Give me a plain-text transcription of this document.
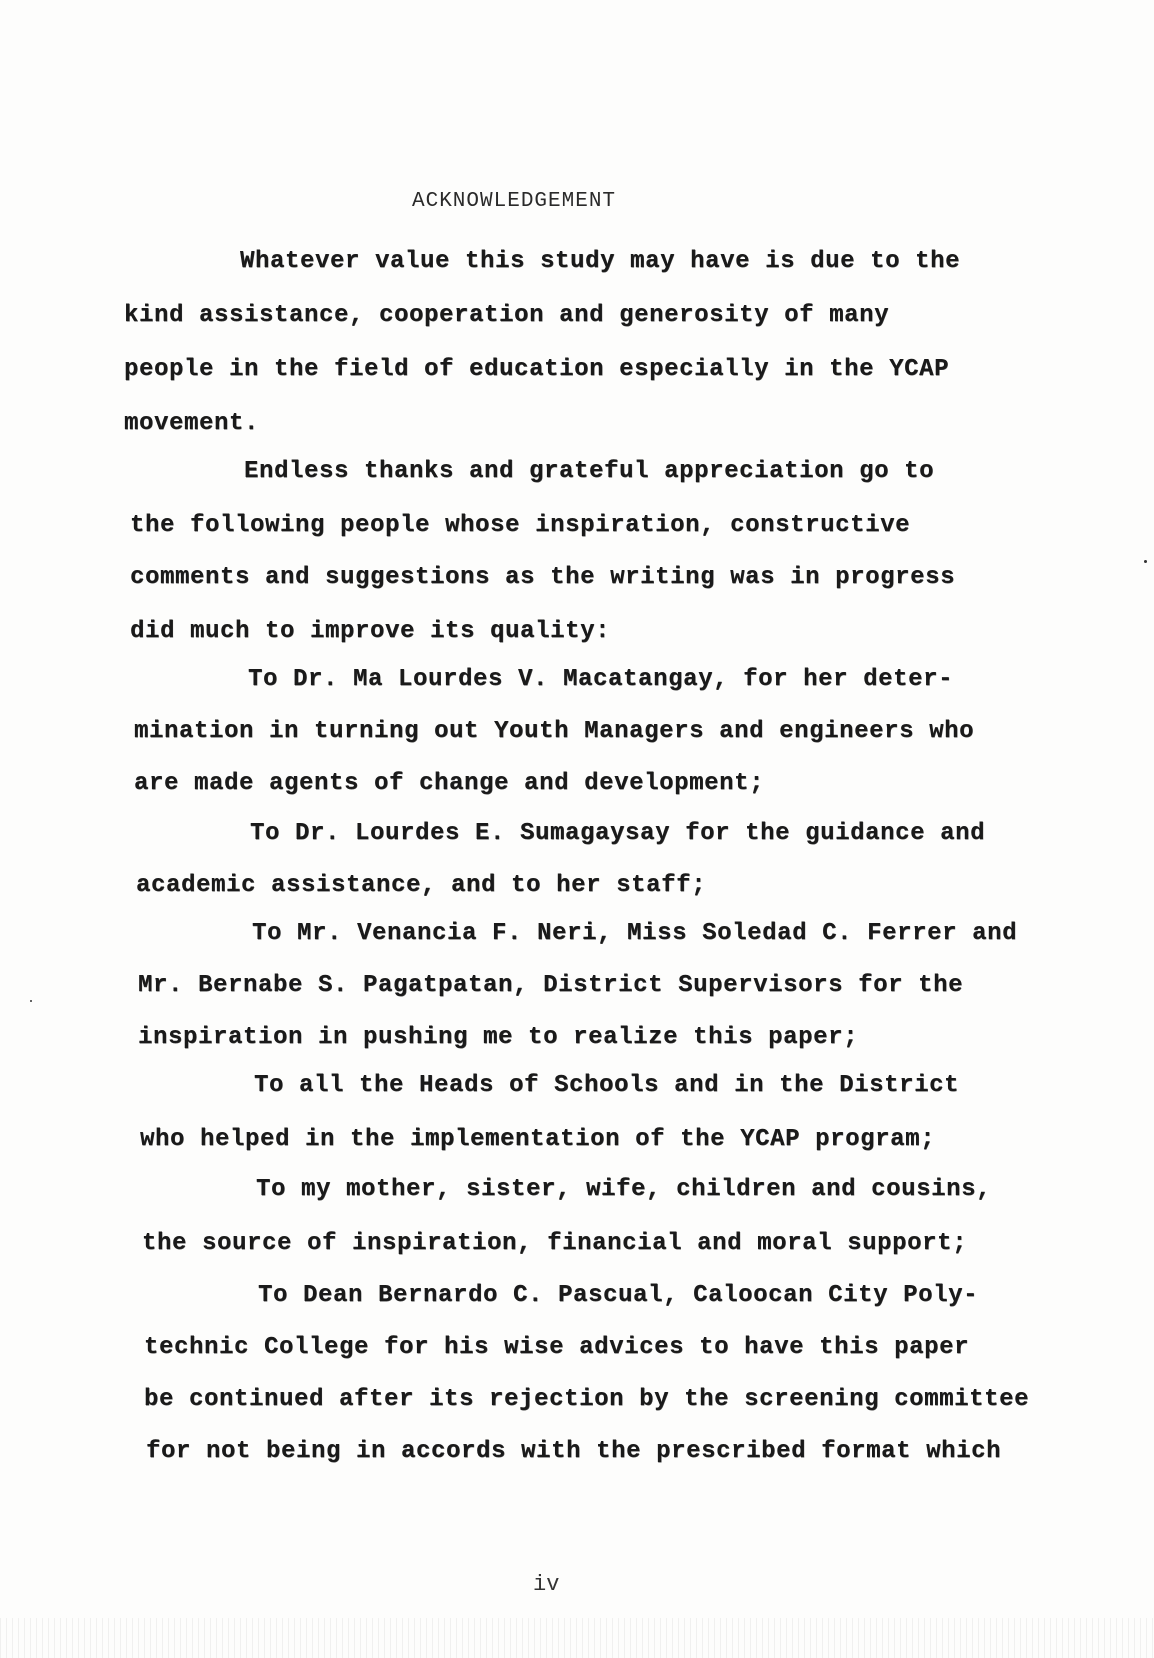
ACKNOWLEDGEMENT
Whatever value this study may have is due to the
kind assistance, cooperation and generosity of many
people in the field of education especially in the YCAP
movement.
Endless thanks and grateful appreciation go to
the following people whose inspiration, constructive
comments and suggestions as the writing was in progress
did much to improve its quality:
To Dr. Ma Lourdes V. Macatangay, for her deter-
mination in turning out Youth Managers and engineers who
are made agents of change and development;
To Dr. Lourdes E. Sumagaysay for the guidance and
academic assistance, and to her staff;
To Mr. Venancia F. Neri, Miss Soledad C. Ferrer and
Mr. Bernabe S. Pagatpatan, District Supervisors for the
inspiration in pushing me to realize this paper;
To all the Heads of Schools and in the District
who helped in the implementation of the YCAP program;
To my mother, sister, wife, children and cousins,
the source of inspiration, financial and moral support;
To Dean Bernardo C. Pascual, Caloocan City Poly-
technic College for his wise advices to have this paper
be continued after its rejection by the screening committee
for not being in accords with the prescribed format which
iv
